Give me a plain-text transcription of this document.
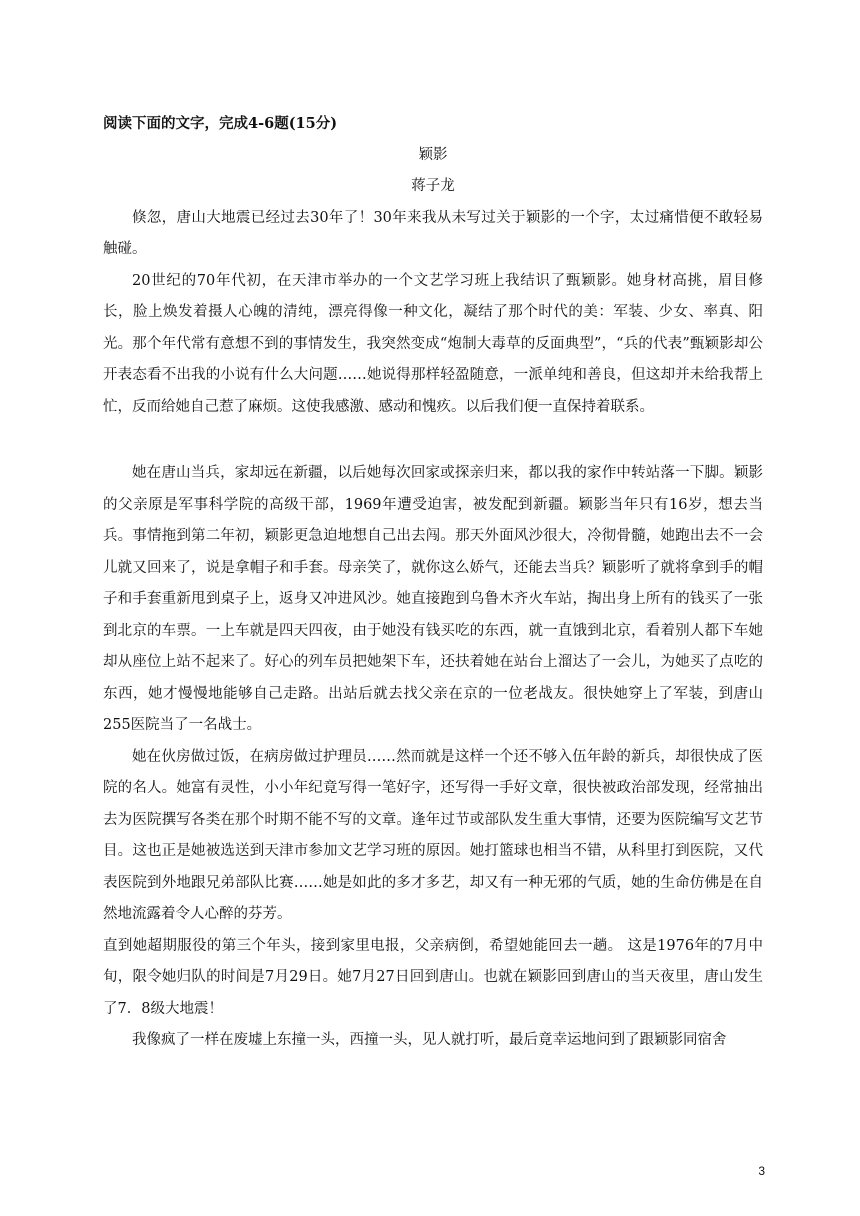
阅读下面的文字，完成4-6题(15分)

颖影

蒋子龙

倏忽，唐山大地震已经过去30年了！30年来我从未写过关于颖影的一个字，太过痛惜便不敢轻易触碰。

20世纪的70年代初，在天津市举办的一个文艺学习班上我结识了甄颖影。她身材高挑，眉目修长，脸上焕发着摄人心魄的清纯，漂亮得像一种文化，凝结了那个时代的美：军装、少女、率真、阳光。那个年代常有意想不到的事情发生，我突然变成“炮制大毒草的反面典型”，“兵的代表”甄颖影却公开表态看不出我的小说有什么大问题……她说得那样轻盈随意，一派单纯和善良，但这却并未给我帮上忙，反而给她自己惹了麻烦。这使我感激、感动和愧疚。以后我们便一直保持着联系。

她在唐山当兵，家却远在新疆，以后她每次回家或探亲归来，都以我的家作中转站落一下脚。颖影的父亲原是军事科学院的高级干部，1969年遭受迫害，被发配到新疆。颖影当年只有16岁，想去当兵。事情拖到第二年初，颖影更急迫地想自己出去闯。那天外面风沙很大，冷彻骨髓，她跑出去不一会儿就又回来了，说是拿帽子和手套。母亲笑了，就你这么娇气，还能去当兵？颖影听了就将拿到手的帽子和手套重新甩到桌子上，返身又冲进风沙。她直接跑到乌鲁木齐火车站，掏出身上所有的钱买了一张到北京的车票。一上车就是四天四夜，由于她没有钱买吃的东西，就一直饿到北京，看着别人都下车她却从座位上站不起来了。好心的列车员把她架下车，还扶着她在站台上溜达了一会儿，为她买了点吃的东西，她才慢慢地能够自己走路。出站后就去找父亲在京的一位老战友。很快她穿上了军装，到唐山255医院当了一名战士。

她在伙房做过饭，在病房做过护理员……然而就是这样一个还不够入伍年龄的新兵，却很快成了医院的名人。她富有灵性，小小年纪竟写得一笔好字，还写得一手好文章，很快被政治部发现，经常抽出去为医院撰写各类在那个时期不能不写的文章。逢年过节或部队发生重大事情，还要为医院编写文艺节目。这也正是她被选送到天津市参加文艺学习班的原因。她打篮球也相当不错，从科里打到医院，又代表医院到外地跟兄弟部队比赛……她是如此的多才多艺，却又有一种无邪的气质，她的生命仿佛是在自然地流露着令人心醉的芬芳。

直到她超期服役的第三个年头，接到家里电报，父亲病倒，希望她能回去一趟。 这是1976年的7月中旬，限令她归队的时间是7月29日。她7月27日回到唐山。也就在颖影回到唐山的当天夜里，唐山发生了7．8级大地震！

我像疯了一样在废墟上东撞一头，西撞一头，见人就打听，最后竟幸运地问到了跟颖影同宿舍

3
